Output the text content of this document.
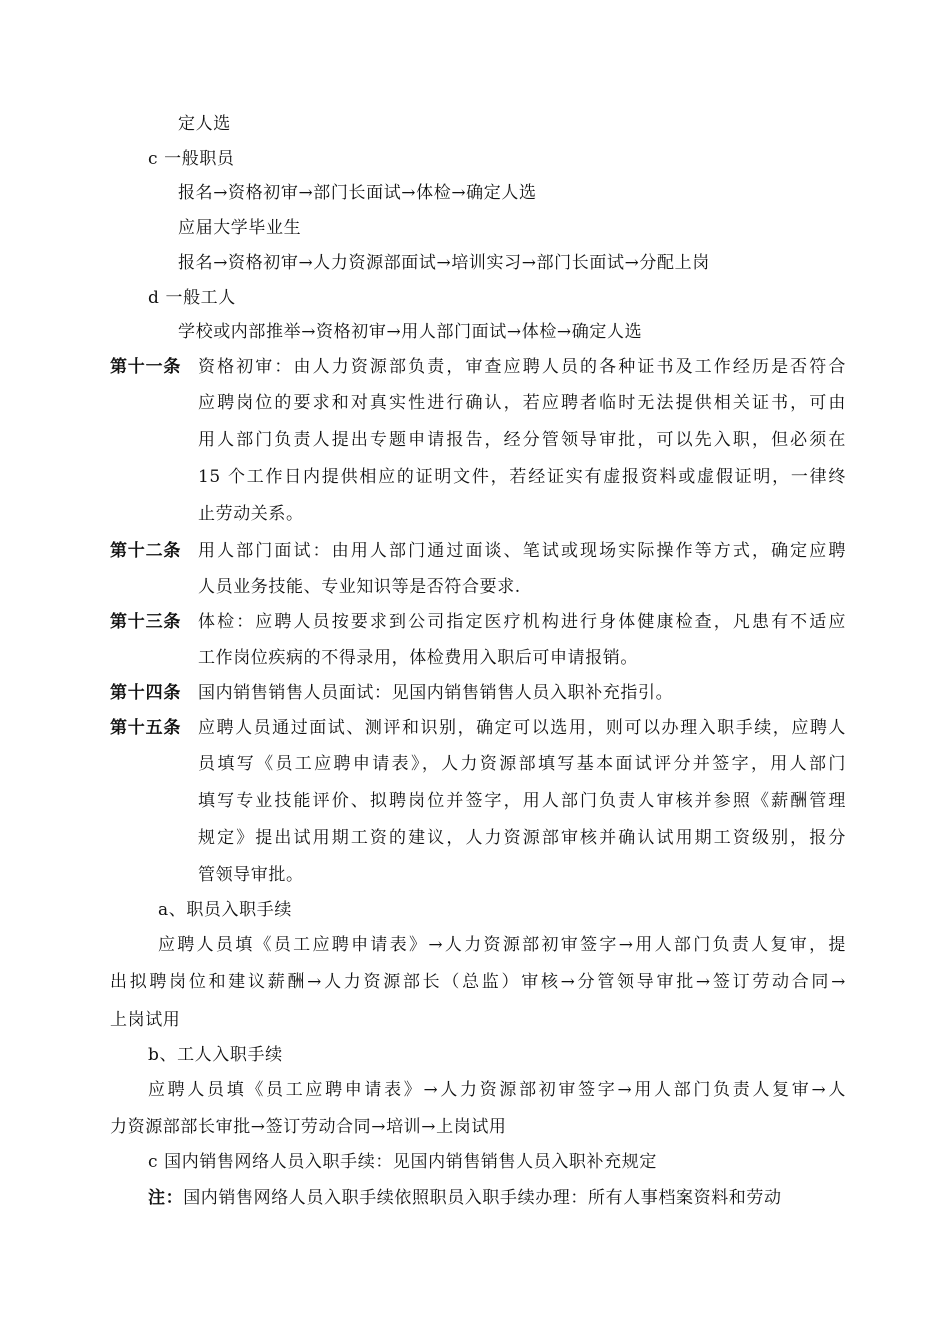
定人选
c 一般职员
报名→资格初审→部门长面试→体检→确定人选
应届大学毕业生
报名→资格初审→人力资源部面试→培训实习→部门长面试→分配上岗
d 一般工人
学校或内部推举→资格初审→用人部门面试→体检→确定人选
第十一条 资格初审：由人力资源部负责，审查应聘人员的各种证书及工作经历是否符合
应聘岗位的要求和对真实性进行确认，若应聘者临时无法提供相关证书，可由
用人部门负责人提出专题申请报告，经分管领导审批，可以先入职，但必须在
15 个工作日内提供相应的证明文件，若经证实有虚报资料或虚假证明，一律终
止劳动关系。
第十二条 用人部门面试：由用人部门通过面谈、笔试或现场实际操作等方式，确定应聘
人员业务技能、专业知识等是否符合要求.
第十三条 体检：应聘人员按要求到公司指定医疗机构进行身体健康检查，凡患有不适应
工作岗位疾病的不得录用，体检费用入职后可申请报销。
第十四条 国内销售销售人员面试：见国内销售销售人员入职补充指引。
第十五条 应聘人员通过面试、测评和识别，确定可以选用，则可以办理入职手续，应聘人
员填写《员工应聘申请表》，人力资源部填写基本面试评分并签字，用人部门
填写专业技能评价、拟聘岗位并签字，用人部门负责人审核并参照《薪酬管理
规定》提出试用期工资的建议，人力资源部审核并确认试用期工资级别，报分
管领导审批。
a、职员入职手续
应聘人员填《员工应聘申请表》→人力资源部初审签字→用人部门负责人复审，提
出拟聘岗位和建议薪酬→人力资源部长（总监）审核→分管领导审批→签订劳动合同→
上岗试用
b、工人入职手续
应聘人员填《员工应聘申请表》→人力资源部初审签字→用人部门负责人复审→人
力资源部部长审批→签订劳动合同→培训→上岗试用
c 国内销售网络人员入职手续：见国内销售销售人员入职补充规定
注：国内销售网络人员入职手续依照职员入职手续办理：所有人事档案资料和劳动
